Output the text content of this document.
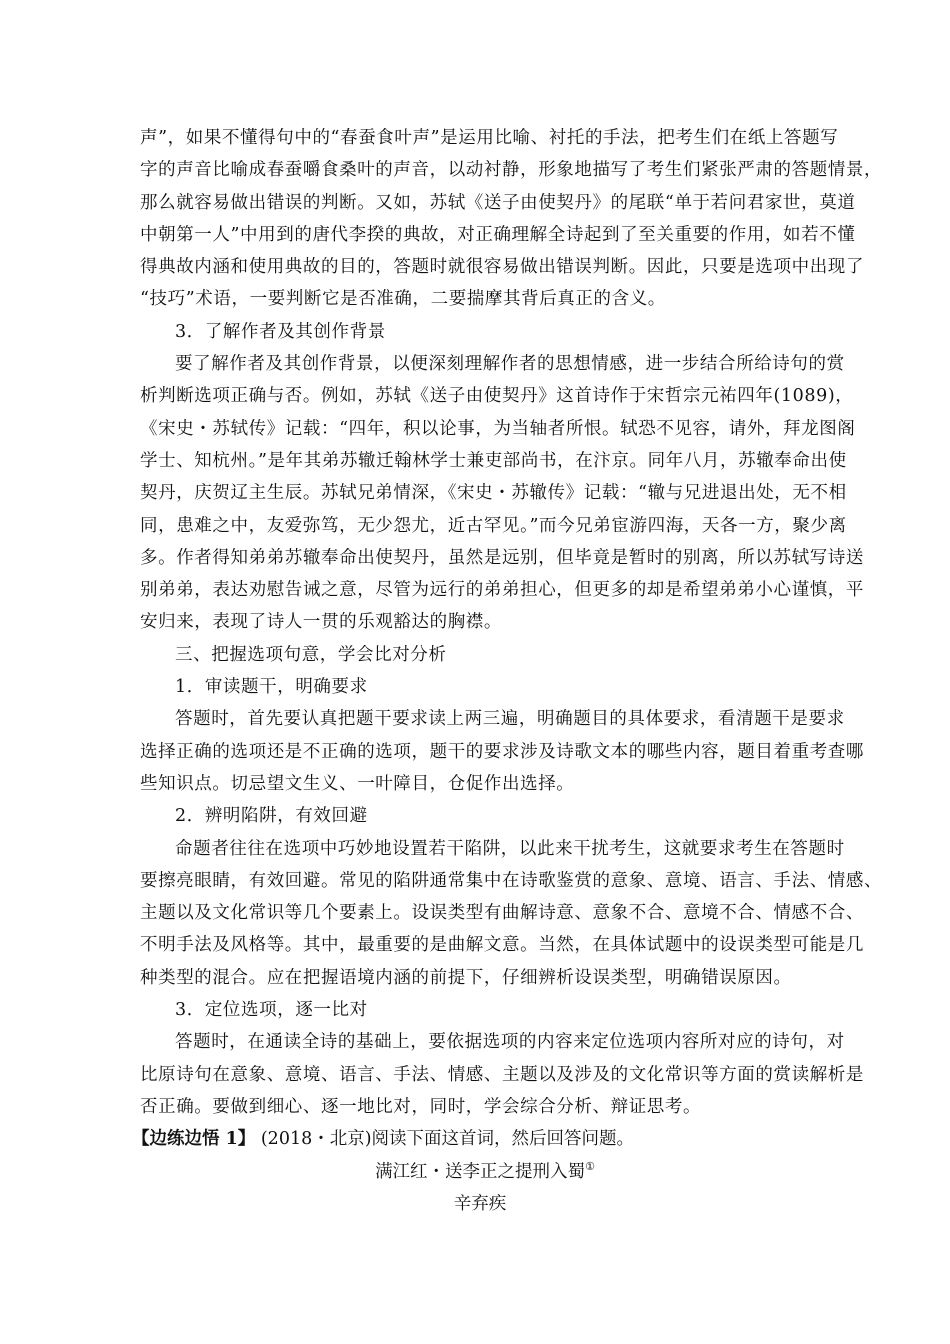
声”，如果不懂得句中的“春蚕食叶声”是运用比喻、衬托的手法，把考生们在纸上答题写
字的声音比喻成春蚕嚼食桑叶的声音，以动衬静，形象地描写了考生们紧张严肃的答题情景，
那么就容易做出错误的判断。又如，苏轼《送子由使契丹》的尾联“单于若问君家世，莫道
中朝第一人”中用到的唐代李揆的典故，对正确理解全诗起到了至关重要的作用，如若不懂
得典故内涵和使用典故的目的，答题时就很容易做出错误判断。因此，只要是选项中出现了
“技巧”术语，一要判断它是否准确，二要揣摩其背后真正的含义。
3．了解作者及其创作背景
要了解作者及其创作背景，以便深刻理解作者的思想情感，进一步结合所给诗句的赏
析判断选项正确与否。例如，苏轼《送子由使契丹》这首诗作于宋哲宗元祐四年(1089)，
《宋史・苏轼传》记载：“四年，积以论事，为当轴者所恨。轼恐不见容，请外，拜龙图阁
学士、知杭州。”是年其弟苏辙迁翰林学士兼吏部尚书，在汴京。同年八月，苏辙奉命出使
契丹，庆贺辽主生辰。苏轼兄弟情深，《宋史・苏辙传》记载：“辙与兄进退出处，无不相
同，患难之中，友爱弥笃，无少怨尤，近古罕见。”而今兄弟宦游四海，天各一方，聚少离
多。作者得知弟弟苏辙奉命出使契丹，虽然是远别，但毕竟是暂时的别离，所以苏轼写诗送
别弟弟，表达劝慰告诫之意，尽管为远行的弟弟担心，但更多的却是希望弟弟小心谨慎，平
安归来，表现了诗人一贯的乐观豁达的胸襟。
三、把握选项句意，学会比对分析
1．审读题干，明确要求
答题时，首先要认真把题干要求读上两三遍，明确题目的具体要求，看清题干是要求
选择正确的选项还是不正确的选项，题干的要求涉及诗歌文本的哪些内容，题目着重考查哪
些知识点。切忌望文生义、一叶障目，仓促作出选择。
2．辨明陷阱，有效回避
命题者往往在选项中巧妙地设置若干陷阱，以此来干扰考生，这就要求考生在答题时
要擦亮眼睛，有效回避。常见的陷阱通常集中在诗歌鉴赏的意象、意境、语言、手法、情感、
主题以及文化常识等几个要素上。设误类型有曲解诗意、意象不合、意境不合、情感不合、
不明手法及风格等。其中，最重要的是曲解文意。当然，在具体试题中的设误类型可能是几
种类型的混合。应在把握语境内涵的前提下，仔细辨析设误类型，明确错误原因。
3．定位选项，逐一比对
答题时，在通读全诗的基础上，要依据选项的内容来定位选项内容所对应的诗句，对
比原诗句在意象、意境、语言、手法、情感、主题以及涉及的文化常识等方面的赏读解析是
否正确。要做到细心、逐一地比对，同时，学会综合分析、辩证思考。
【边练边悟 1】 (2018・北京)阅读下面这首词，然后回答问题。
满江红・送李正之提刑入蜀①
辛弃疾
